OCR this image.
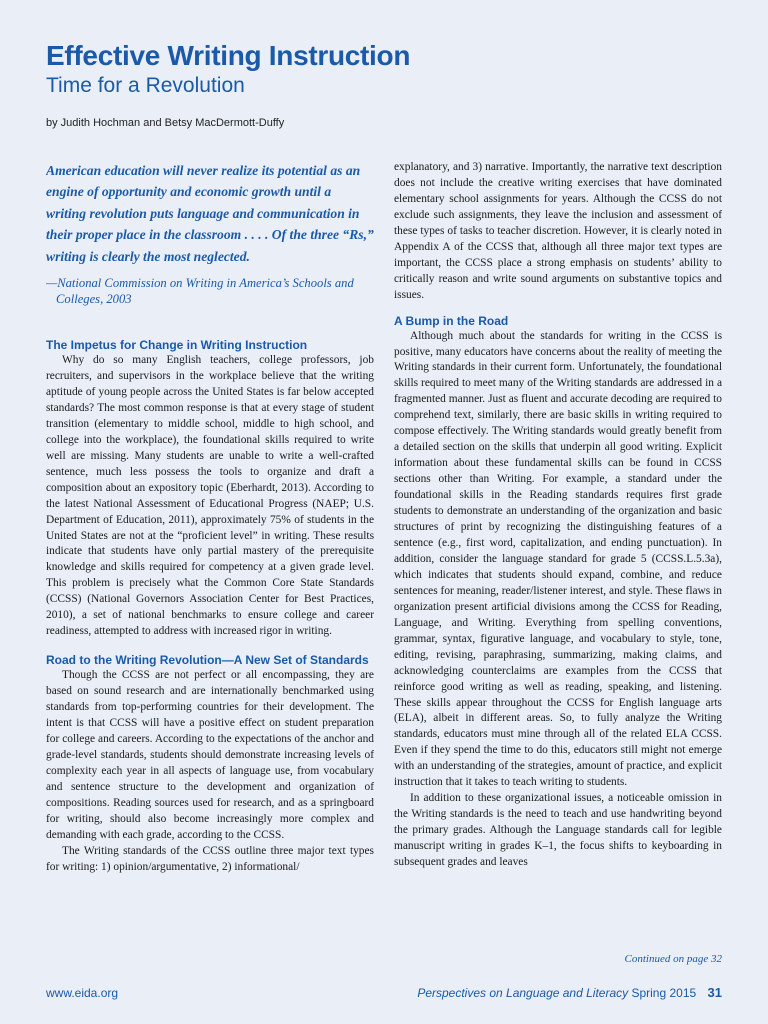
Effective Writing Instruction
Time for a Revolution
by Judith Hochman and Betsy MacDermott-Duffy

American education will never realize its potential as an engine of opportunity and economic growth until a writing revolution puts language and communication in their proper place in the classroom . . . . Of the three “Rs,” writing is clearly the most neglected.

—National Commission on Writing in America’s Schools and Colleges, 2003

The Impetus for Change in Writing Instruction

Why do so many English teachers, college professors, job recruiters, and supervisors in the workplace believe that the writing aptitude of young people across the United States is far below accepted standards? The most common response is that at every stage of student transition (elementary to middle school, middle to high school, and college into the workplace), the foundational skills required to write well are missing. Many students are unable to write a well-crafted sentence, much less possess the tools to organize and draft a composition about an expository topic (Eberhardt, 2013). According to the latest National Assessment of Educational Progress (NAEP; U.S. Department of Education, 2011), approximately 75% of students in the United States are not at the “proficient level” in writing. These results indicate that students have only partial mastery of the prerequisite knowledge and skills required for competency at a given grade level. This problem is precisely what the Common Core State Standards (CCSS) (National Governors Association Center for Best Practices, 2010), a set of national benchmarks to ensure college and career readiness, attempted to address with increased rigor in writing.

Road to the Writing Revolution—A New Set of Standards

Though the CCSS are not perfect or all encompassing, they are based on sound research and are internationally benchmarked using standards from top-performing countries for their development. The intent is that CCSS will have a positive effect on student preparation for college and careers. According to the expectations of the anchor and grade-level standards, students should demonstrate increasing levels of complexity each year in all aspects of language use, from vocabulary and sentence structure to the development and organization of compositions. Reading sources used for research, and as a springboard for writing, should also become increasingly more complex and demanding with each grade, according to the CCSS.

The Writing standards of the CCSS outline three major text types for writing: 1) opinion/argumentative, 2) informational/

explanatory, and 3) narrative. Importantly, the narrative text description does not include the creative writing exercises that have dominated elementary school assignments for years. Although the CCSS do not exclude such assignments, they leave the inclusion and assessment of these types of tasks to teacher discretion. However, it is clearly noted in Appendix A of the CCSS that, although all three major text types are important, the CCSS place a strong emphasis on students’ ability to critically reason and write sound arguments on substantive topics and issues.

A Bump in the Road

Although much about the standards for writing in the CCSS is positive, many educators have concerns about the reality of meeting the Writing standards in their current form. Unfortunately, the foundational skills required to meet many of the Writing standards are addressed in a fragmented manner. Just as fluent and accurate decoding are required to comprehend text, similarly, there are basic skills in writing required to compose effectively. The Writing standards would greatly benefit from a detailed section on the skills that underpin all good writing. Explicit information about these fundamental skills can be found in CCSS sections other than Writing. For example, a standard under the foundational skills in the Reading standards requires first grade students to demonstrate an understanding of the organization and basic structures of print by recognizing the distinguishing features of a sentence (e.g., first word, capitalization, and ending punctuation). In addition, consider the language standard for grade 5 (CCSS.L.5.3a), which indicates that students should expand, combine, and reduce sentences for meaning, reader/listener interest, and style. These flaws in organization present artificial divisions among the CCSS for Reading, Language, and Writing. Everything from spelling conventions, grammar, syntax, figurative language, and vocabulary to style, tone, editing, revising, paraphrasing, summarizing, making claims, and acknowledging counterclaims are examples from the CCSS that reinforce good writing as well as reading, speaking, and listening. These skills appear throughout the CCSS for English language arts (ELA), albeit in different areas. So, to fully analyze the Writing standards, educators must mine through all of the related ELA CCSS. Even if they spend the time to do this, educators still might not emerge with an understanding of the strategies, amount of practice, and explicit instruction that it takes to teach writing to students.

In addition to these organizational issues, a noticeable omission in the Writing standards is the need to teach and use handwriting beyond the primary grades. Although the Language standards call for legible manuscript writing in grades K–1, the focus shifts to keyboarding in subsequent grades and leaves

Continued on page 32
www.eida.org	Perspectives on Language and Literacy Spring 2015 31
